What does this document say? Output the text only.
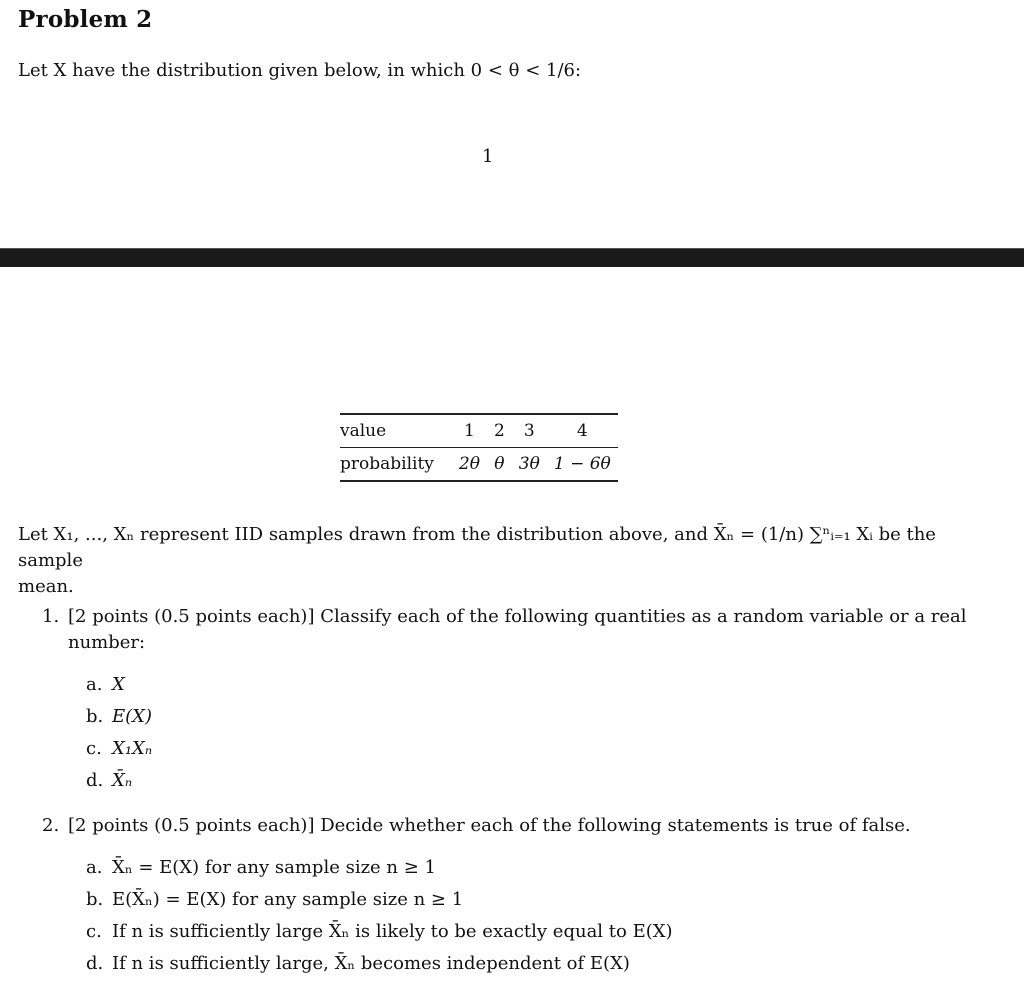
Problem 2
Let X have the distribution given below, in which 0 < θ < 1/6:
1
value	1	2	3	4
probability	2θ	θ	3θ	1 − 6θ
Let X₁, ..., Xₙ represent IID samples drawn from the distribution above, and X̄ₙ = (1/n) ∑ⁿᵢ₌₁ Xᵢ be the sample
mean.
1. [2 points (0.5 points each)] Classify each of the following quantities as a random variable or a real
number:
a. X
b. E(X)
c. X₁Xₙ
d. X̄ₙ
2. [2 points (0.5 points each)] Decide whether each of the following statements is true of false.
a. X̄ₙ = E(X) for any sample size n ≥ 1
b. E(X̄ₙ) = E(X) for any sample size n ≥ 1
c. If n is sufficiently large X̄ₙ is likely to be exactly equal to E(X)
d. If n is sufficiently large, X̄ₙ becomes independent of E(X)
